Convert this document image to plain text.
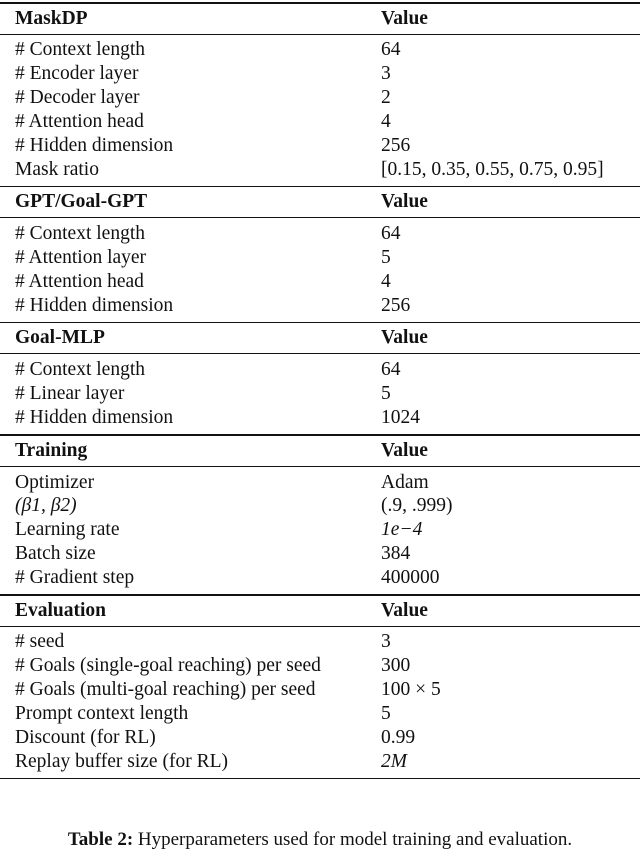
MaskDP	Value
# Context length	64
# Encoder layer	3
# Decoder layer	2
# Attention head	4
# Hidden dimension	256
Mask ratio	[0.15, 0.35, 0.55, 0.75, 0.95]
GPT/Goal-GPT	Value
# Context length	64
# Attention layer	5
# Attention head	4
# Hidden dimension	256
Goal-MLP	Value
# Context length	64
# Linear layer	5
# Hidden dimension	1024
Training	Value
Optimizer	Adam
(β1, β2)	(.9, .999)
Learning rate	1e−4
Batch size	384
# Gradient step	400000
Evaluation	Value
# seed	3
# Goals (single-goal reaching) per seed	300
# Goals (multi-goal reaching) per seed	100 × 5
Prompt context length	5
Discount (for RL)	0.99
Replay buffer size (for RL)	2M
Table 2: Hyperparameters used for model training and evaluation.
